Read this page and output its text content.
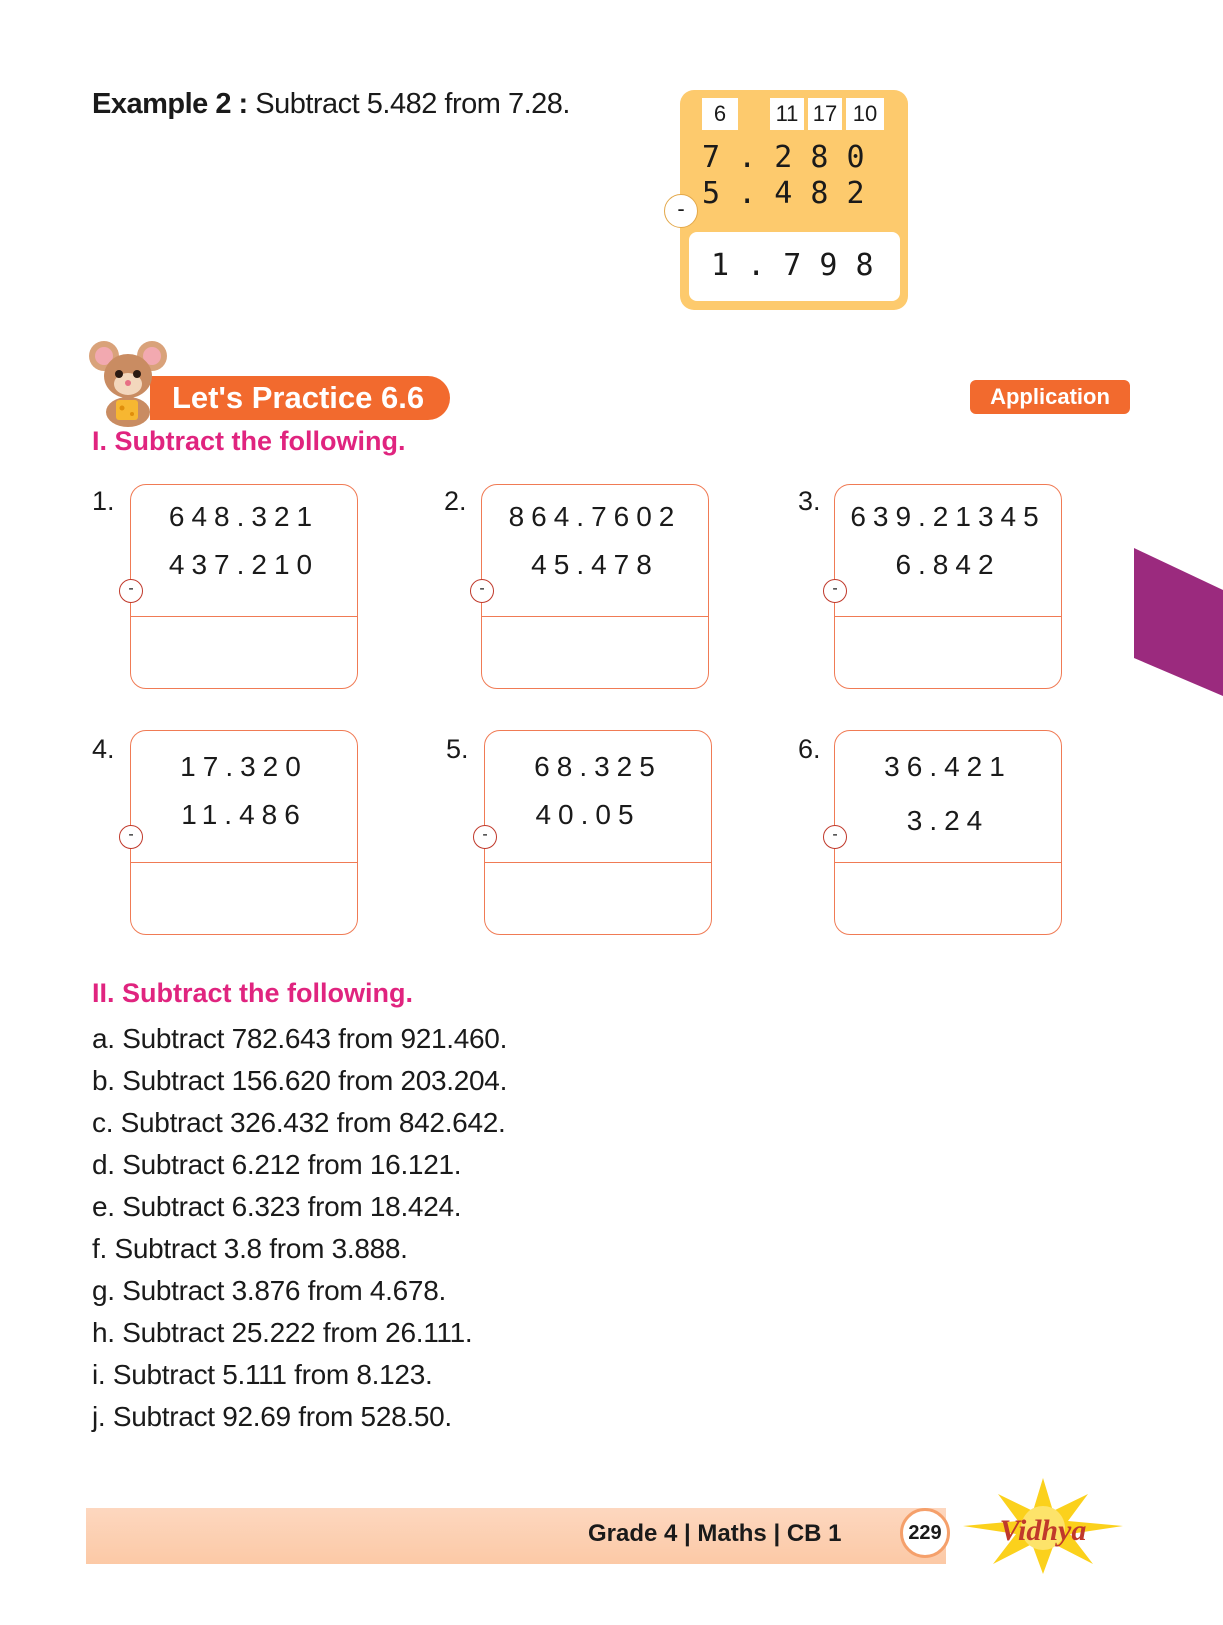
Example 2 : Subtract 5.482 from 7.28.	6	11 17 10
7 . 2 8 0
5 . 4 8 2
-
1 . 7 9 8
Let's Practice 6.6	Application
I. Subtract the following.
1.	648.321
437.210
-
2.	864.7602
45.478
-
3.	639.21345
6.842
-
4.
17.320
11.486
-
5.
68.325
40.05
-
6.
36.421
3.24
-
II. Subtract the following.
a. Subtract 782.643 from 921.460.
b. Subtract 156.620 from 203.204.
c. Subtract 326.432 from 842.642.
d. Subtract 6.212 from 16.121.
e. Subtract 6.323 from 18.424.
f. Subtract 3.8 from 3.888.
g. Subtract 3.876 from 4.678.
h. Subtract 25.222 from 26.111.
i. Subtract 5.111 from 8.123.
j. Subtract 92.69 from 528.50.
Grade 4 | Maths | CB 1	229 Vidhya
